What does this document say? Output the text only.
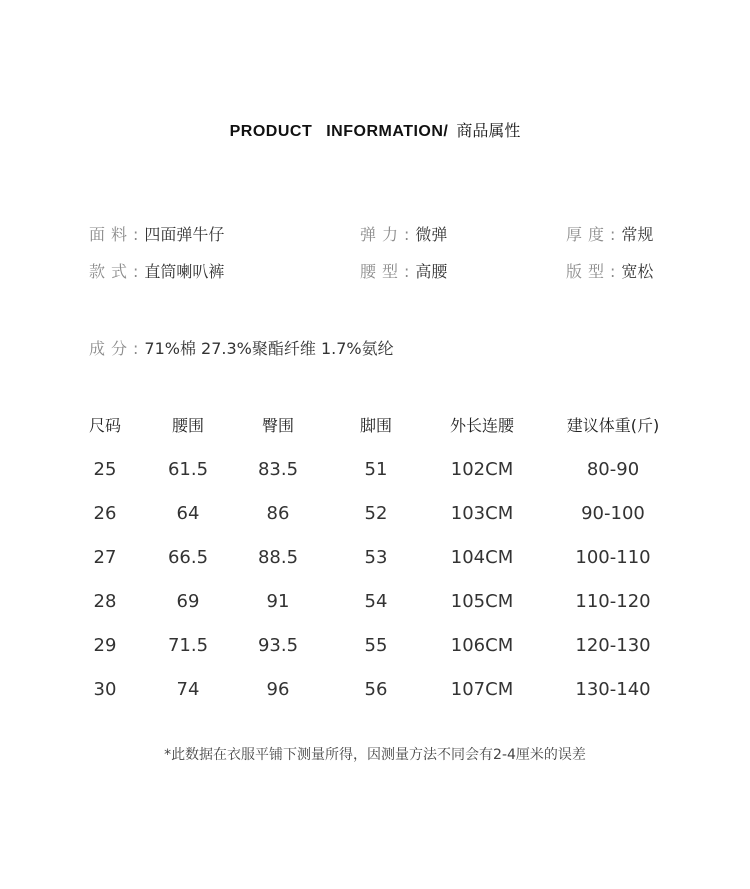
PRODUCT INFORMATION/ 商品属性
面料: 四面弹牛仔	弹力: 微弹	厚度: 常规
款式: 直筒喇叭裤	腰型: 高腰	版型: 宽松
成分: 71%棉 27.3%聚酯纤维 1.7%氨纶
尺码	腰围	臀围	脚围	外长连腰	建议体重(斤)
25	61.5	83.5	51	102CM	80-90
26	64	86	52	103CM	90-100
27	66.5	88.5	53	104CM	100-110
28	69	91	54	105CM	110-120
29	71.5	93.5	55	106CM	120-130
30	74	96	56	107CM	130-140
*此数据在衣服平铺下测量所得，因测量方法不同会有2-4厘米的误差
